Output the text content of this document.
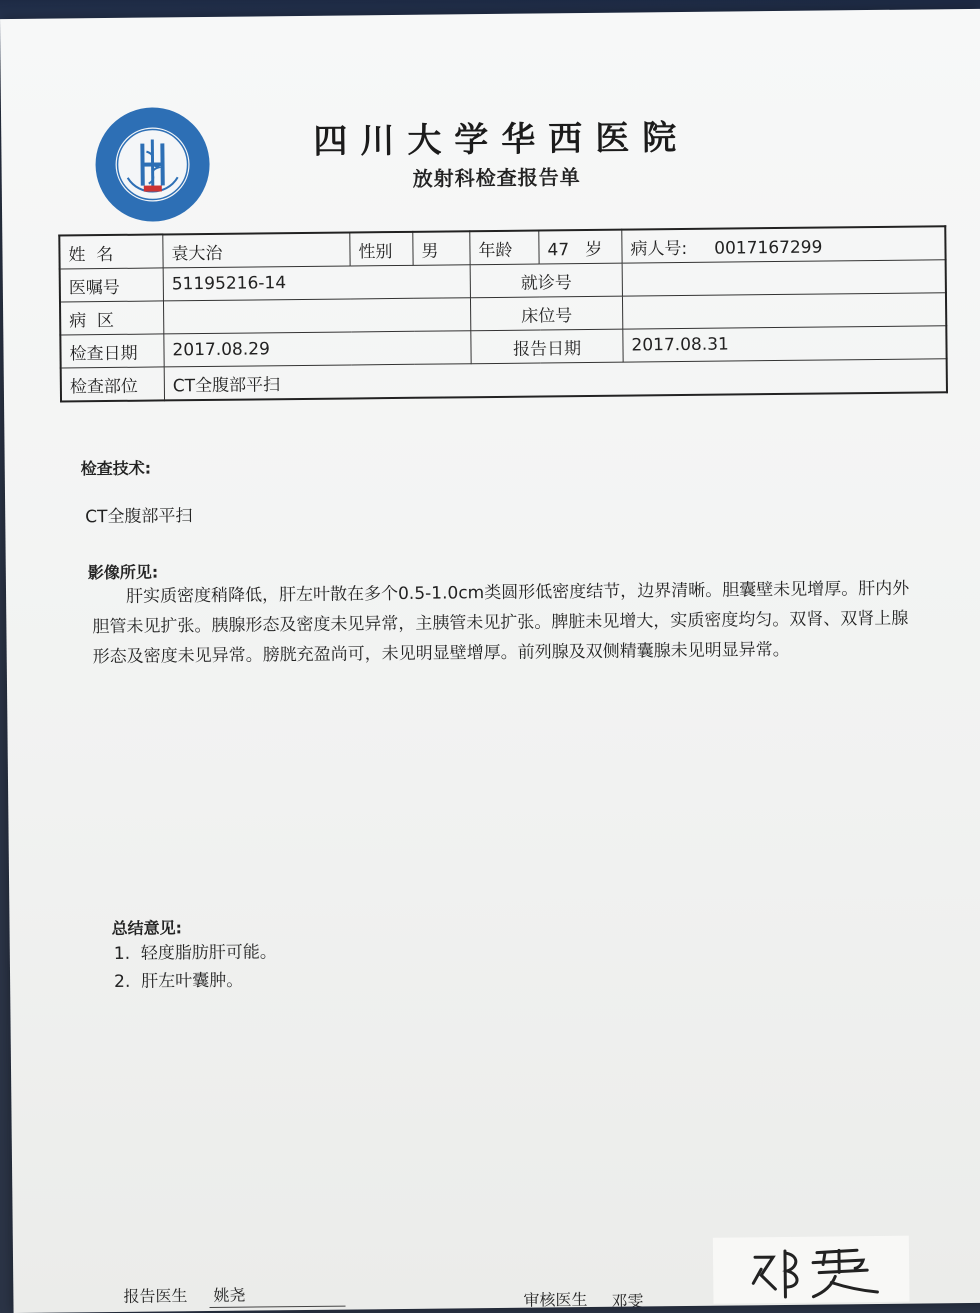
四川大学华西医院
放射科检查报告单
姓  名	袁大治	性别	男	年龄	47 岁	病人号: 0017167299
医嘱号	51195216-14			就诊号		
病  区				床位号		
检查日期	2017.08.29			报告日期		2017.08.31
检查部位	CT全腹部平扫					
检查技术:
CT全腹部平扫
影像所见:

肝实质密度稍降低，肝左叶散在多个0.5-1.0cm类圆形低密度结节，边界清晰。胆囊壁未见增厚。肝内外胆管未见扩张。胰腺形态及密度未见异常，主胰管未见扩张。脾脏未见增大，实质密度均匀。双肾、双肾上腺形态及密度未见异常。膀胱充盈尚可，未见明显壁增厚。前列腺及双侧精囊腺未见明显异常。

总结意见:
1.  轻度脂肪肝可能。
2.  肝左叶囊肿。
报告医生 姚尧	审核医生 邓雯
